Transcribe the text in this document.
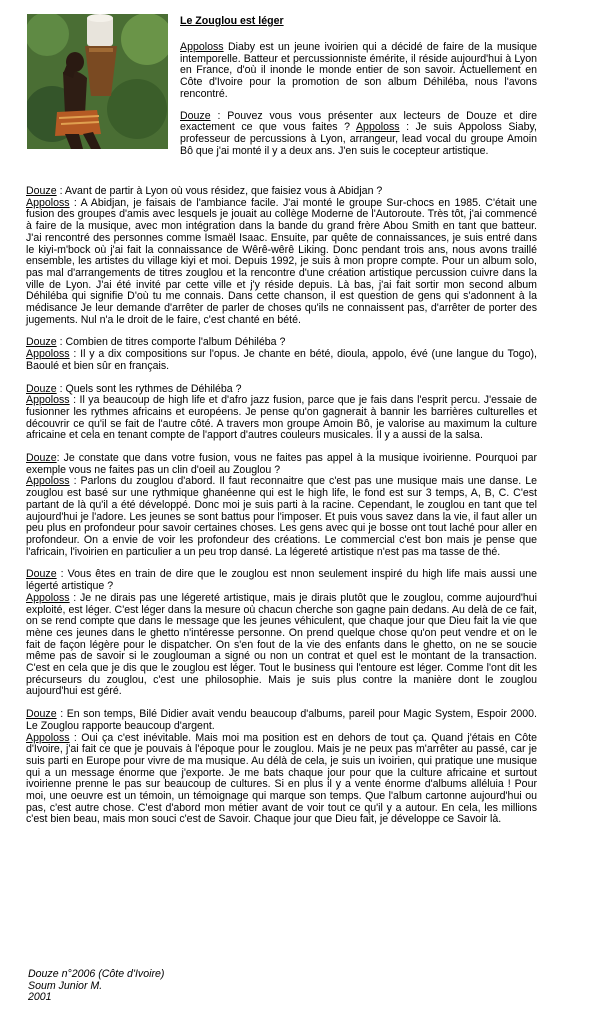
Le Zouglou est léger

Appoloss Diaby est un jeune ivoirien qui a décidé de faire de la musique intemporelle. Batteur et percussionniste émérite, il réside aujourd'hui à Lyon en France, d'où il inonde le monde entier de son savoir. Actuellement en Côte d'Ivoire pour la promotion de son album Déhiléba, nous l'avons rencontré.

Douze : Pouvez vous vous présenter aux lecteurs de Douze et dire exactement ce que vous faites ? Appoloss : Je suis Appoloss Siaby, professeur de percussions à Lyon, arrangeur, lead vocal du groupe Amoin Bô que j'ai monté il y a deux ans. J'en suis le cocepteur artistique.

Douze : Avant de partir à Lyon où vous résidez, que faisiez vous à Abidjan ?
Appoloss : A Abidjan, je faisais de l'ambiance facile. J'ai monté le groupe Sur-chocs en 1985. C'était une fusion des groupes d'amis avec lesquels je jouait au collège Moderne de l'Autoroute. Très tôt, j'ai commencé à faire de la musique, avec mon intégration dans la bande du grand frère Abou Smith en tant que batteur. J'ai rencontré des personnes comme Ismaël Isaac. Ensuite, par quête de connaissances, je suis entré dans le kiyi-m'bock où j'ai fait la connaissance de Wêrê-wêrê Liking. Donc pendant trois ans, nous avons traillé ensemble, les artistes du village kiyi et moi. Depuis 1992, je suis à mon propre compte. Pour un album solo, pas mal d'arrangements de titres zouglou et la rencontre d'une création artistique percussion cuivre dans la ville de Lyon. J'ai été invité par cette ville et j'y réside depuis. Là bas, j'ai fait sortir mon second album Déhiléba qui signifie D'où tu me connais. Dans cette chanson, il est question de gens qui s'adonnent à la médisance Je leur demande d'arrêter de parler de choses qu'ils ne connaissent pas, d'arrêter de porter des jugements. Nul n'a le droit de le faire, c'est chanté en bété.

Douze : Combien de titres comporte l'album Déhiléba ?
Appoloss : Il y a dix compositions sur l'opus. Je chante en bété, dioula, appolo, évé (une langue du Togo), Baoulé et bien sûr en français.

Douze : Quels sont les rythmes de Déhiléba ?
Appoloss : Il ya beaucoup de high life et d'afro jazz fusion, parce que je fais dans l'esprit percu. J'essaie de fusionner les rythmes africains et européens. Je pense qu'on gagnerait à bannir les barrières culturelles et découvrir ce qu'il se fait de l'autre côté. A travers mon groupe Amoin Bô, je valorise au maximum la culture africaine et cela en tenant compte de l'apport d'autres couleurs musicales. Il y a aussi de la salsa.

Douze: Je constate que dans votre fusion, vous ne faites pas appel à la musique ivoirienne. Pourquoi par exemple vous ne faites pas un clin d'oeil au Zouglou ?
Appoloss : Parlons du zouglou d'abord. Il faut reconnaitre que c'est pas une musique mais une danse. Le zouglou est basé sur une rythmique ghanéenne qui est le high life, le fond est sur 3 temps, A, B, C. C'est partant de là qu'il a été développé. Donc moi je suis parti à la racine. Cependant, le zouglou en tant que tel aujourd'hui je l'adore. Les jeunes se sont battus pour l'imposer. Et puis vous savez dans la vie, il faut aller un peu plus en profondeur pour savoir certaines choses. Les gens avec qui je bosse ont tout laché pour aller en profondeur. On a envie de voir les profondeur des créations. Le commercial c'est bon mais je pense que l'africain, l'ivoirien en particulier a un peu trop dansé. La légereté artistique n'est pas ma tasse de thé.

Douze : Vous êtes en train de dire que le zouglou est nnon seulement inspiré du high life mais aussi une légerté artistique ?
Appoloss : Je ne dirais pas une légereté artistique, mais je dirais plutôt que le zouglou, comme aujourd'hui exploité, est léger. C'est léger dans la mesure où chacun cherche son gagne pain dedans. Au delà de ce fait, on se rend compte que dans le message que les jeunes véhiculent, que chaque jour que Dieu fait la vie que mène ces jeunes dans le ghetto n'intéresse personne. On prend quelque chose qu'on peut vendre et on le fait de façon légère pour le dispatcher. On s'en fout de la vie des enfants dans le ghetto, on ne se soucie même pas de savoir si le zouglouman a signé ou non un contrat et quel est le montant de la transaction. C'est en cela que je dis que le zouglou est léger. Tout le business qui l'entoure est léger. Comme l'ont dit les précurseurs du zouglou, c'est une philosophie. Mais je suis plus contre la manière dont le zouglou aujourd'hui est géré.

Douze : En son temps, Bilé Didier avait vendu beaucoup d'albums, pareil pour Magic System, Espoir 2000. Le Zouglou rapporte beaucoup d'argent.
Appoloss : Oui ça c'est inévitable. Mais moi ma position est en dehors de tout ça. Quand j'étais en Côte d'Ivoire, j'ai fait ce que je pouvais à l'époque pour le zouglou. Mais je ne peux pas m'arrêter au passé, car je suis parti en Europe pour vivre de ma musique. Au délà de cela, je suis un ivoirien, qui pratique une musique qui a un message énorme que j'exporte. Je me bats chaque jour pour que la culture africaine et surtout ivoirienne prenne le pas sur beaucoup de cultures. Si en plus il y a vente énorme d'albums alléluia ! Pour moi, une oeuvre est un témoin, un témoignage qui marque son temps. Que l'album cartonne aujourd'hui ou pas, c'est autre chose. C'est d'abord mon métier avant de voir tout ce qu'il y a autour. En cela, les millions c'est bien beau, mais mon souci c'est de Savoir. Chaque jour que Dieu fait, je développe ce Savoir là.

Douze n°2006 (Côte d'Ivoire)
Soum Junior M.
2001
